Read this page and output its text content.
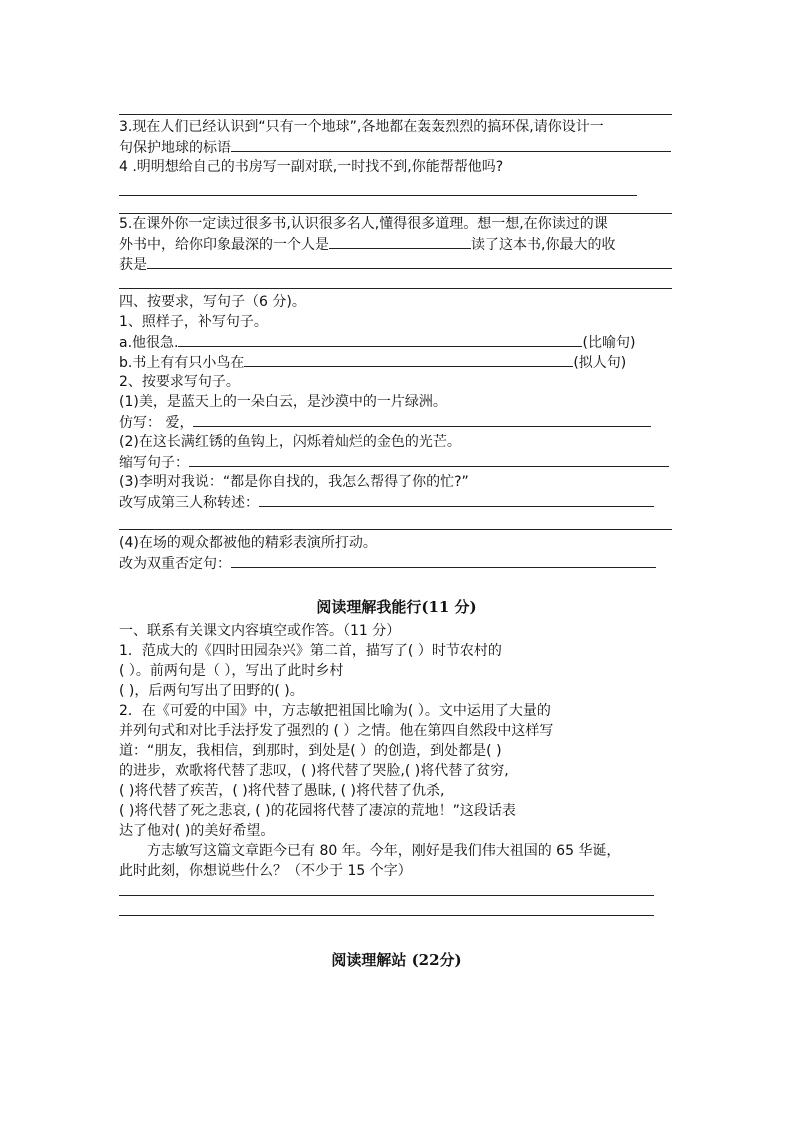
3.现在人们已经认识到“只有一个地球”,各地都在轰轰烈烈的搞环保,请你设计一
句保护地球的标语
4 .明明想给自己的书房写一副对联,一时找不到,你能帮帮他吗?
5.在课外你一定读过很多书,认识很多名人,懂得很多道理。想一想,在你读过的课
外书中，给你印象最深的一个人是	读了这本书,你最大的收
获是
四、按要求，写句子（6 分)。
1、照样子，补写句子。
a.他很急.	(比喻句)
b.书上有有只小鸟在	(拟人句)
2、按要求写句子。
(1)美，是蓝天上的一朵白云，是沙漠中的一片绿洲。
仿写： 爱，
(2)在这长满红锈的鱼钩上，闪烁着灿烂的金色的光芒。
缩写句子：
(3)李明对我说：“都是你自找的，我怎么帮得了你的忙?”
改写成第三人称转述：
(4)在场的观众都被他的精彩表演所打动。
改为双重否定句：
阅读理解我能行(11 分)
一、联系有关课文内容填空或作答。（11 分）
1．范成大的《四时田园杂兴》第二首，描写了( ）时节农村的
( ）。前两句是（ ），写出了此时乡村
( )，后两句写出了田野的( )。
2．在《可爱的中国》中，方志敏把祖国比喻为( ）。文中运用了大量的
并列句式和对比手法抒发了强烈的 ( ）之情。他在第四自然段中这样写
道：“朋友，我相信，到那时，到处是( ）的创造，到处都是( )
的进步，欢歌将代替了悲叹，( )将代替了哭脸,( )将代替了贫穷,
( )将代替了疾苦，( )将代替了愚昧, ( )将代替了仇杀,
( )将代替了死之悲哀, ( )的花园将代替了凄凉的荒地！”这段话表
达了他对( )的美好希望。
方志敏写这篇文章距今已有 80 年。今年，刚好是我们伟大祖国的 65 华诞，
此时此刻，你想说些什么？（不少于 15 个字）
阅读理解站 (22分)
